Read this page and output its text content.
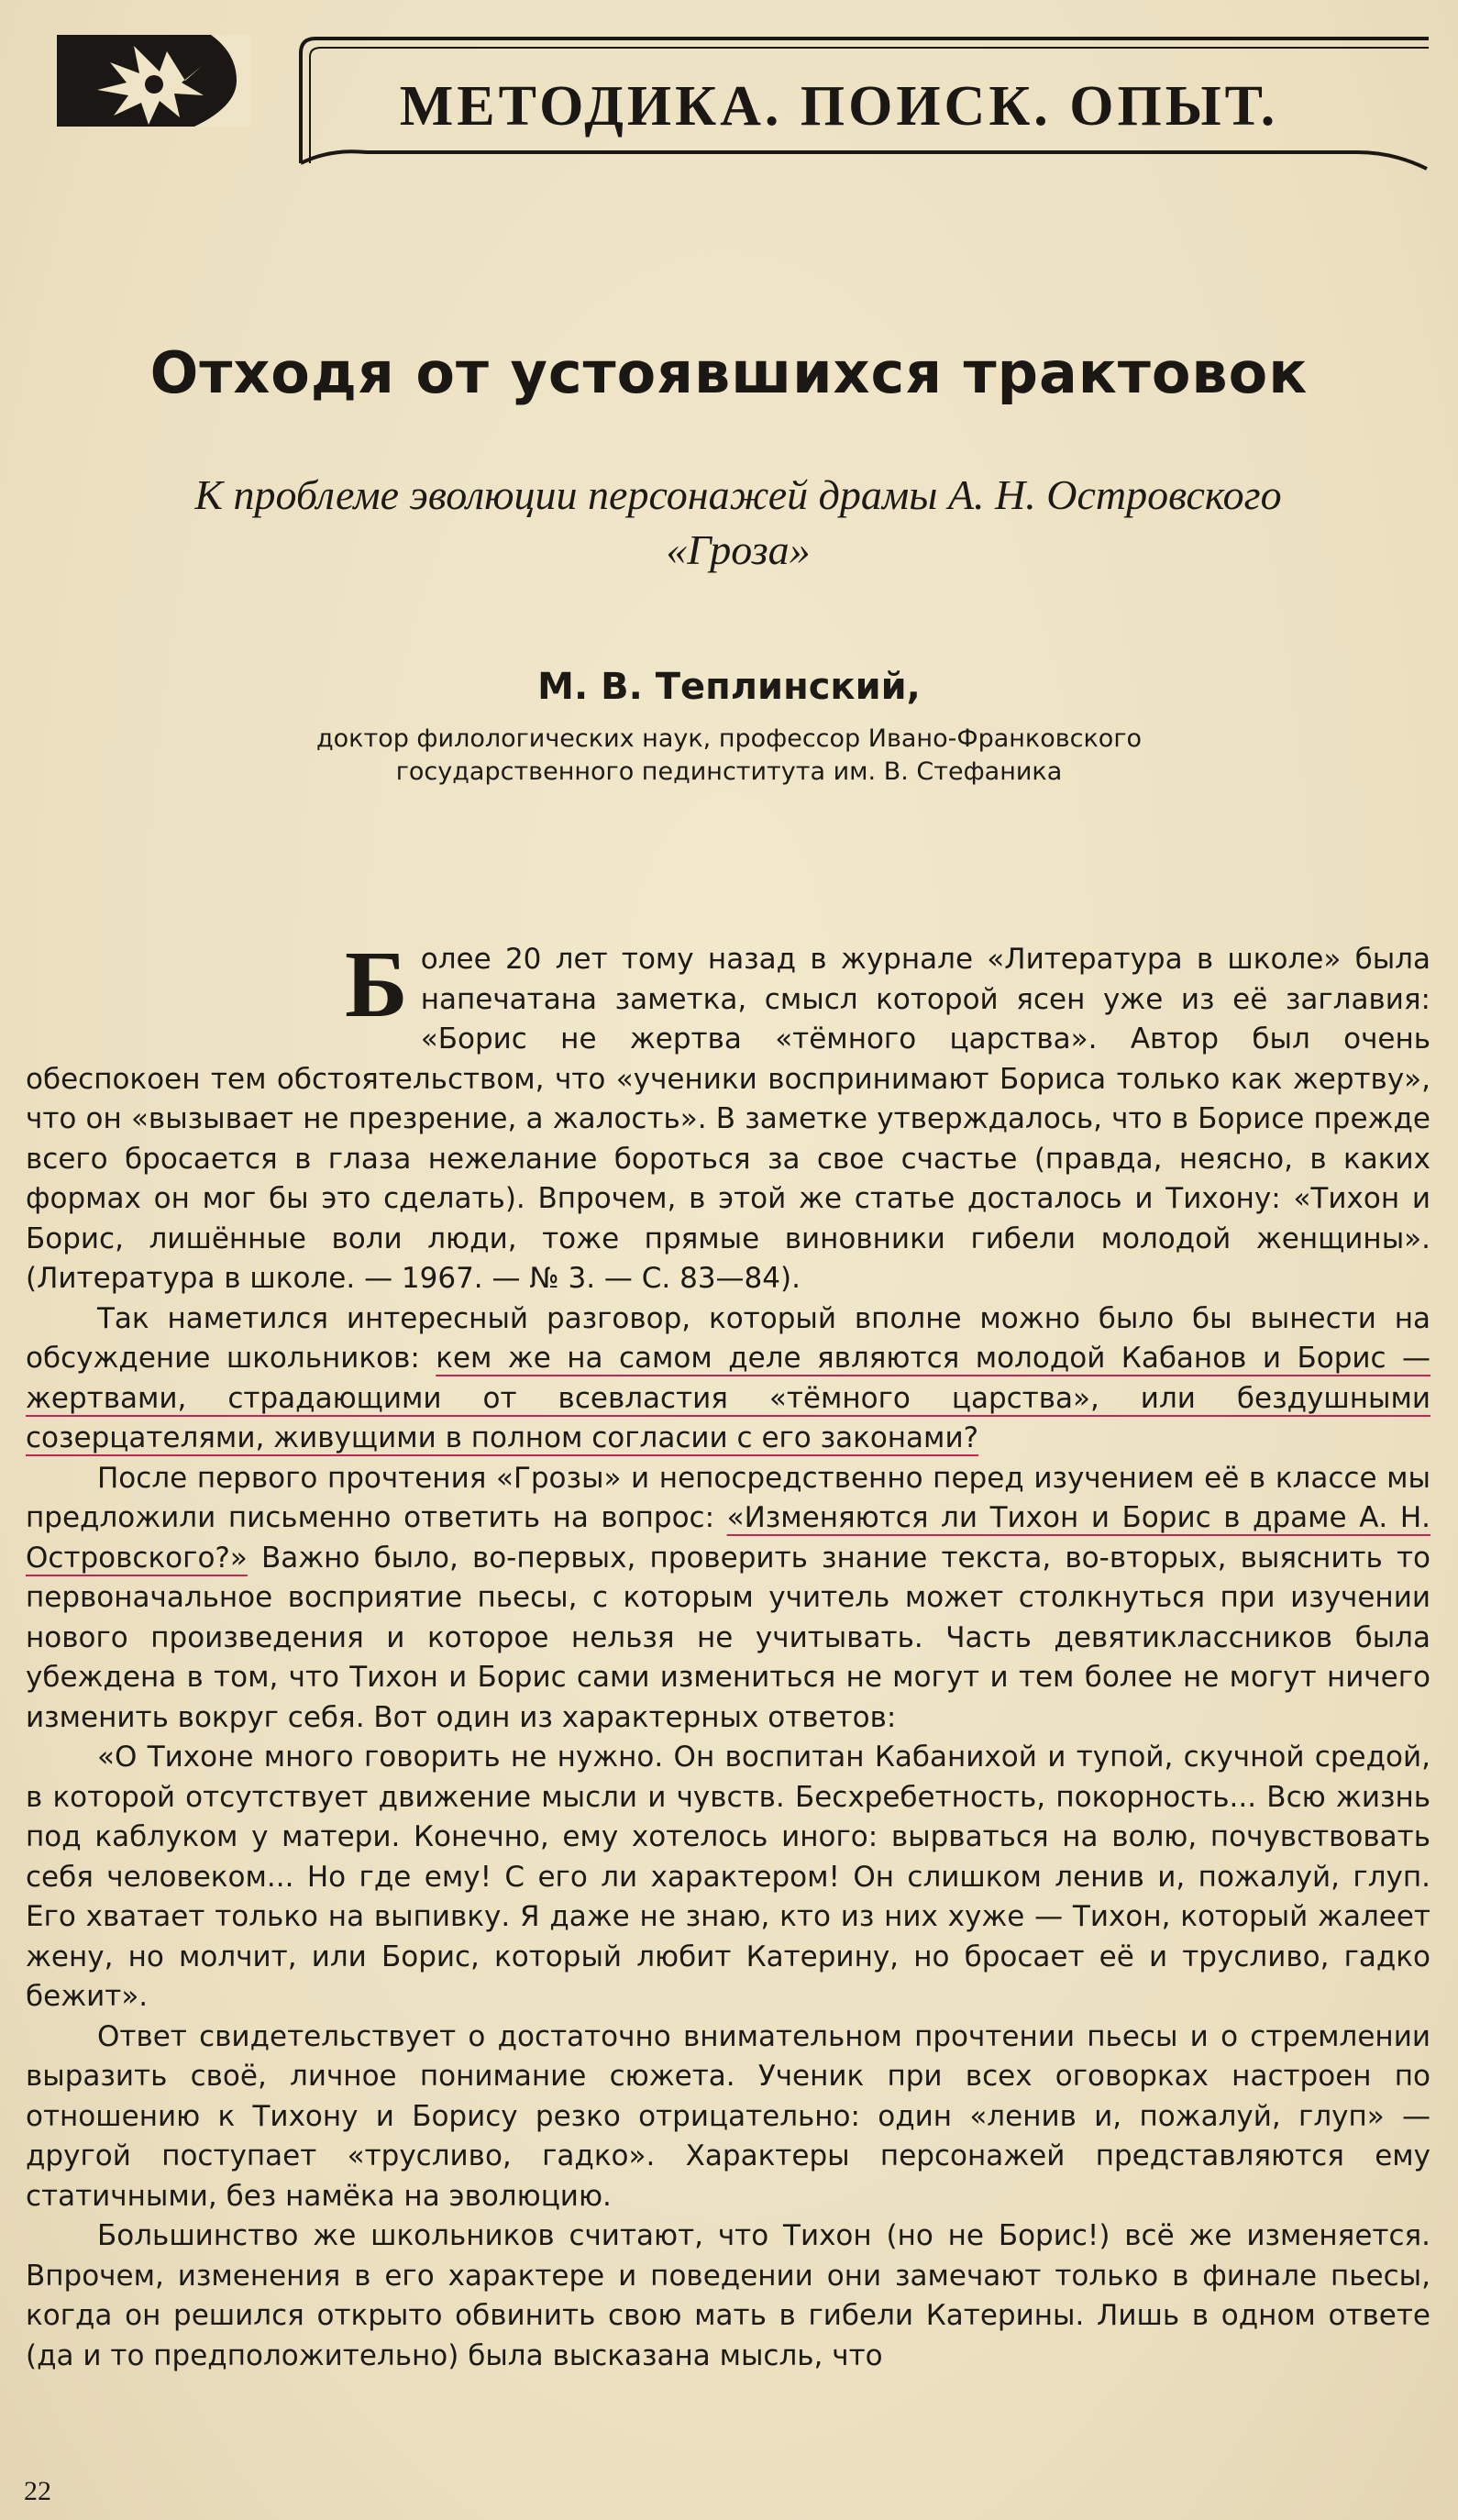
МЕТОДИКА. ПОИСК. ОПЫТ.
Отходя от устоявшихся трактовок
К проблеме эволюции персонажей драмы А. Н. Островского
«Гроза»
М. В. Теплинский,
доктор филологических наук, профессор Ивано-Франковского
государственного пединститута им. В. Стефаника

Более 20 лет тому назад в журнале «Литература в школе» была напечатана заметка, смысл которой ясен уже из её заглавия: «Борис не жертва «тёмного царства». Автор был очень обеспокоен тем обстоятельством, что «ученики воспринимают Бориса только как жертву», что он «вызывает не презрение, а жалость». В заметке утверждалось, что в Борисе прежде всего бросается в глаза нежелание бороться за свое счастье (правда, неясно, в каких формах он мог бы это сделать). Впрочем, в этой же статье досталось и Тихону: «Тихон и Борис, лишённые воли люди, тоже прямые виновники гибели молодой женщины». (Литература в школе. — 1967. — № 3. — С. 83—84).

Так наметился интересный разговор, который вполне можно было бы вынести на обсуждение школьников: кем же на самом деле являются молодой Кабанов и Борис — жертвами, страдающими от всевластия «тёмного царства», или бездушными созерцателями, живущими в полном согласии с его законами?

После первого прочтения «Грозы» и непосредственно перед изучением её в классе мы предложили письменно ответить на вопрос: «Изменяются ли Тихон и Борис в драме А. Н. Островского?» Важно было, во-первых, проверить знание текста, во-вторых, выяснить то первоначальное восприятие пьесы, с которым учитель может столкнуться при изучении нового произведения и которое нельзя не учитывать. Часть девятиклассников была убеждена в том, что Тихон и Борис сами измениться не могут и тем более не могут ничего изменить вокруг себя. Вот один из характерных ответов:

«О Тихоне много говорить не нужно. Он воспитан Кабанихой и тупой, скучной средой, в которой отсутствует движение мысли и чувств. Бесхребетность, покорность... Всю жизнь под каблуком у матери. Конечно, ему хотелось иного: вырваться на волю, почувствовать себя человеком... Но где ему! С его ли характером! Он слишком ленив и, пожалуй, глуп. Его хватает только на выпивку. Я даже не знаю, кто из них хуже — Тихон, который жалеет жену, но молчит, или Борис, который любит Катерину, но бросает её и трусливо, гадко бежит».

Ответ свидетельствует о достаточно внимательном прочтении пьесы и о стремлении выразить своё, личное понимание сюжета. Ученик при всех оговорках настроен по отношению к Тихону и Борису резко отрицательно: один «ленив и, пожалуй, глуп» — другой поступает «трусливо, гадко». Характеры персонажей представляются ему статичными, без намёка на эволюцию.

Большинство же школьников считают, что Тихон (но не Борис!) всё же изменяется. Впрочем, изменения в его характере и поведении они замечают только в финале пьесы, когда он решился открыто обвинить свою мать в гибели Катерины. Лишь в одном ответе (да и то предположительно) была высказана мысль, что

22
